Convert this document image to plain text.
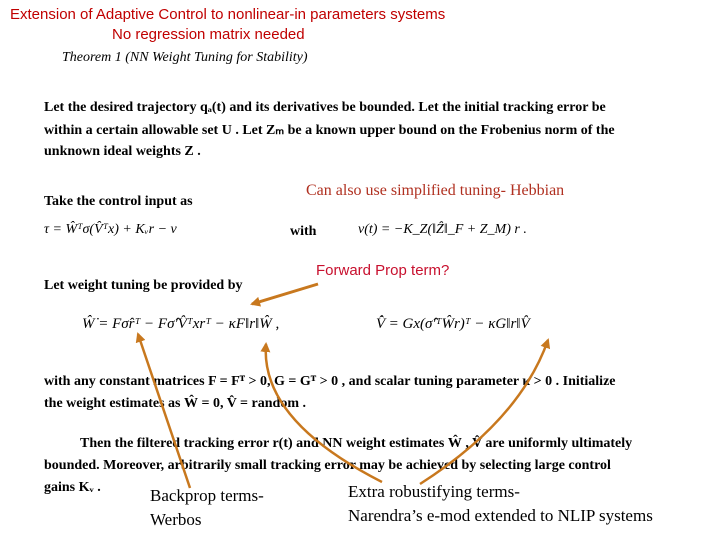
Extension of Adaptive Control to nonlinear-in parameters systems
No regression matrix needed
Theorem 1 (NN Weight Tuning for Stability)
Let the desired trajectory qₐ(t) and its derivatives be bounded. Let the initial tracking error be
within a certain allowable set U . Let Zₘ be a known upper bound on the Frobenius norm of the
unknown ideal weights Z .
Can also use simplified tuning- Hebbian
Take the control input as
τ = Ŵᵀσ(V̂ᵀx) + Kᵥr − v	with	v(t) = −K_Z(‖Ẑ‖_F + Z_M) r .
Forward Prop term?
Let weight tuning be provided by
Ŵ̇ = Fσ̂rᵀ − Fσ̂′V̂ᵀxrᵀ − κF‖r‖Ŵ ,	V̂̇ = Gx(σ̂′ᵀŴr)ᵀ − κG‖r‖V̂
with any constant matrices F = Fᵀ > 0, G = Gᵀ > 0 , and scalar tuning parameter κ > 0 . Initialize
the weight estimates as Ŵ = 0, V̂ = random .
Then the filtered tracking error r(t) and NN weight estimates Ŵ , V̂ are uniformly ultimately
bounded. Moreover, arbitrarily small tracking error may be achieved by selecting large control
gains Kᵥ .	Backprop terms-
Werbos
Extra robustifying terms-
Narendra’s e-mod extended to NLIP systems
